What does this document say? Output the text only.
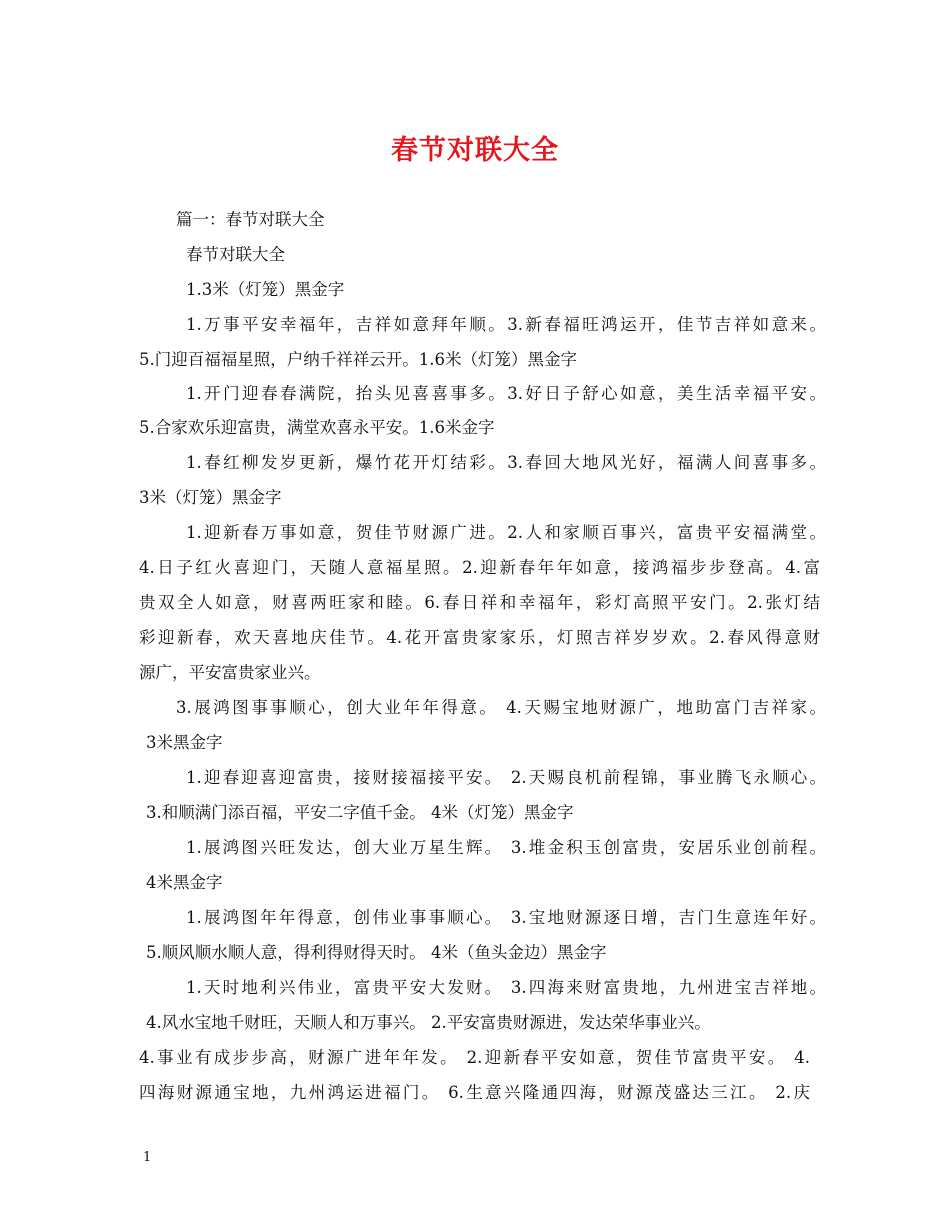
春节对联大全

篇一：春节对联大全

春节对联大全

1.3米（灯笼）黑金字

1.万事平安幸福年，吉祥如意拜年顺。3.新春福旺鸿运开，佳节吉祥如意来。

5.门迎百福福星照，户纳千祥祥云开。1.6米（灯笼）黑金字

1.开门迎春春满院，抬头见喜喜事多。3.好日子舒心如意，美生活幸福平安。

5.合家欢乐迎富贵，满堂欢喜永平安。1.6米金字

1.春红柳发岁更新，爆竹花开灯结彩。3.春回大地风光好，福满人间喜事多。

3米（灯笼）黑金字

1.迎新春万事如意，贺佳节财源广进。2.人和家顺百事兴，富贵平安福满堂。

4.日子红火喜迎门，天随人意福星照。2.迎新春年年如意，接鸿福步步登高。4.富

贵双全人如意，财喜两旺家和睦。6.春日祥和幸福年，彩灯高照平安门。2.张灯结

彩迎新春，欢天喜地庆佳节。4.花开富贵家家乐，灯照吉祥岁岁欢。2.春风得意财

源广，平安富贵家业兴。

3.展鸿图事事顺心，创大业年年得意。 4.天赐宝地财源广，地助富门吉祥家。

3米黑金字

1.迎春迎喜迎富贵，接财接福接平安。 2.天赐良机前程锦，事业腾飞永顺心。

3.和顺满门添百福，平安二字值千金。 4米（灯笼）黑金字

1.展鸿图兴旺发达，创大业万星生辉。 3.堆金积玉创富贵，安居乐业创前程。

4米黑金字

1.展鸿图年年得意，创伟业事事顺心。 3.宝地财源逐日增，吉门生意连年好。

5.顺风顺水顺人意，得利得财得天时。 4米（鱼头金边）黑金字

1.天时地利兴伟业，富贵平安大发财。 3.四海来财富贵地，九州进宝吉祥地。

4.风水宝地千财旺，天顺人和万事兴。 2.平安富贵财源进，发达荣华事业兴。

4.事业有成步步高，财源广进年年发。 2.迎新春平安如意，贺佳节富贵平安。 4.

四海财源通宝地，九州鸿运进福门。 6.生意兴隆通四海，财源茂盛达三江。 2.庆

1
